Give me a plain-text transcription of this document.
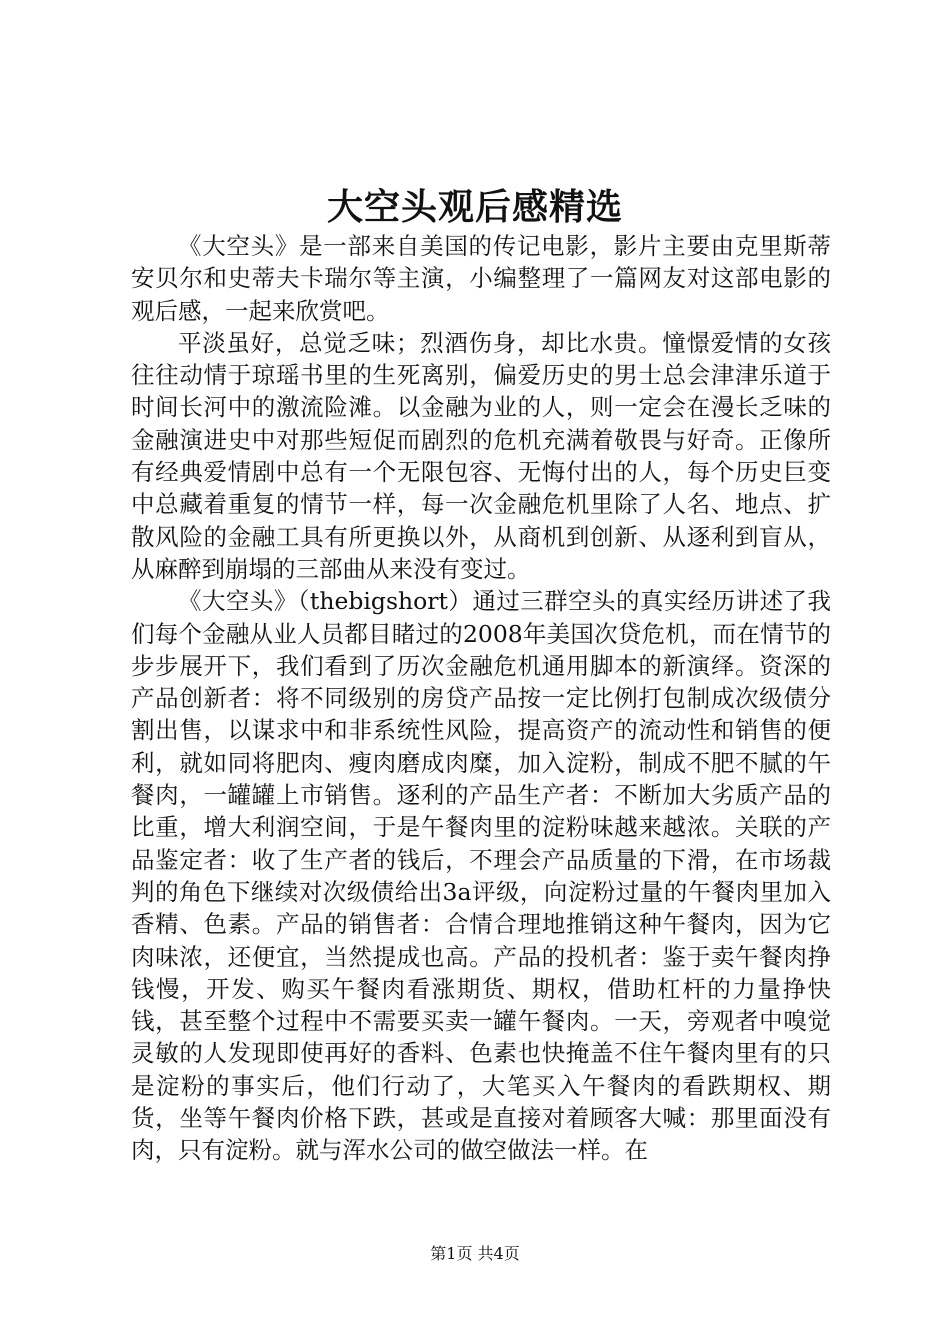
大空头观后感精选

《大空头》是一部来自美国的传记电影，影片主要由克里斯蒂安贝尔和史蒂夫卡瑞尔等主演，小编整理了一篇网友对这部电影的观后感，一起来欣赏吧。

平淡虽好，总觉乏味；烈酒伤身，却比水贵。憧憬爱情的女孩往往动情于琼瑶书里的生死离别，偏爱历史的男士总会津津乐道于时间长河中的激流险滩。以金融为业的人，则一定会在漫长乏味的金融演进史中对那些短促而剧烈的危机充满着敬畏与好奇。正像所有经典爱情剧中总有一个无限包容、无悔付出的人，每个历史巨变中总藏着重复的情节一样，每一次金融危机里除了人名、地点、扩散风险的金融工具有所更换以外，从商机到创新、从逐利到盲从，从麻醉到崩塌的三部曲从来没有变过。

《大空头》（thebigshort）通过三群空头的真实经历讲述了我们每个金融从业人员都目睹过的2008年美国次贷危机，而在情节的步步展开下，我们看到了历次金融危机通用脚本的新演绎。资深的产品创新者：将不同级别的房贷产品按一定比例打包制成次级债分割出售，以谋求中和非系统性风险，提高资产的流动性和销售的便利，就如同将肥肉、瘦肉磨成肉糜，加入淀粉，制成不肥不腻的午餐肉，一罐罐上市销售。逐利的产品生产者：不断加大劣质产品的比重，增大利润空间，于是午餐肉里的淀粉味越来越浓。关联的产品鉴定者：收了生产者的钱后，不理会产品质量的下滑，在市场裁判的角色下继续对次级债给出3a评级，向淀粉过量的午餐肉里加入香精、色素。产品的销售者：合情合理地推销这种午餐肉，因为它肉味浓，还便宜，当然提成也高。产品的投机者：鉴于卖午餐肉挣钱慢，开发、购买午餐肉看涨期货、期权，借助杠杆的力量挣快钱，甚至整个过程中不需要买卖一罐午餐肉。一天，旁观者中嗅觉灵敏的人发现即使再好的香料、色素也快掩盖不住午餐肉里有的只是淀粉的事实后，他们行动了，大笔买入午餐肉的看跌期权、期货，坐等午餐肉价格下跌，甚或是直接对着顾客大喊：那里面没有肉，只有淀粉。就与浑水公司的做空做法一样。在

第1页 共4页
